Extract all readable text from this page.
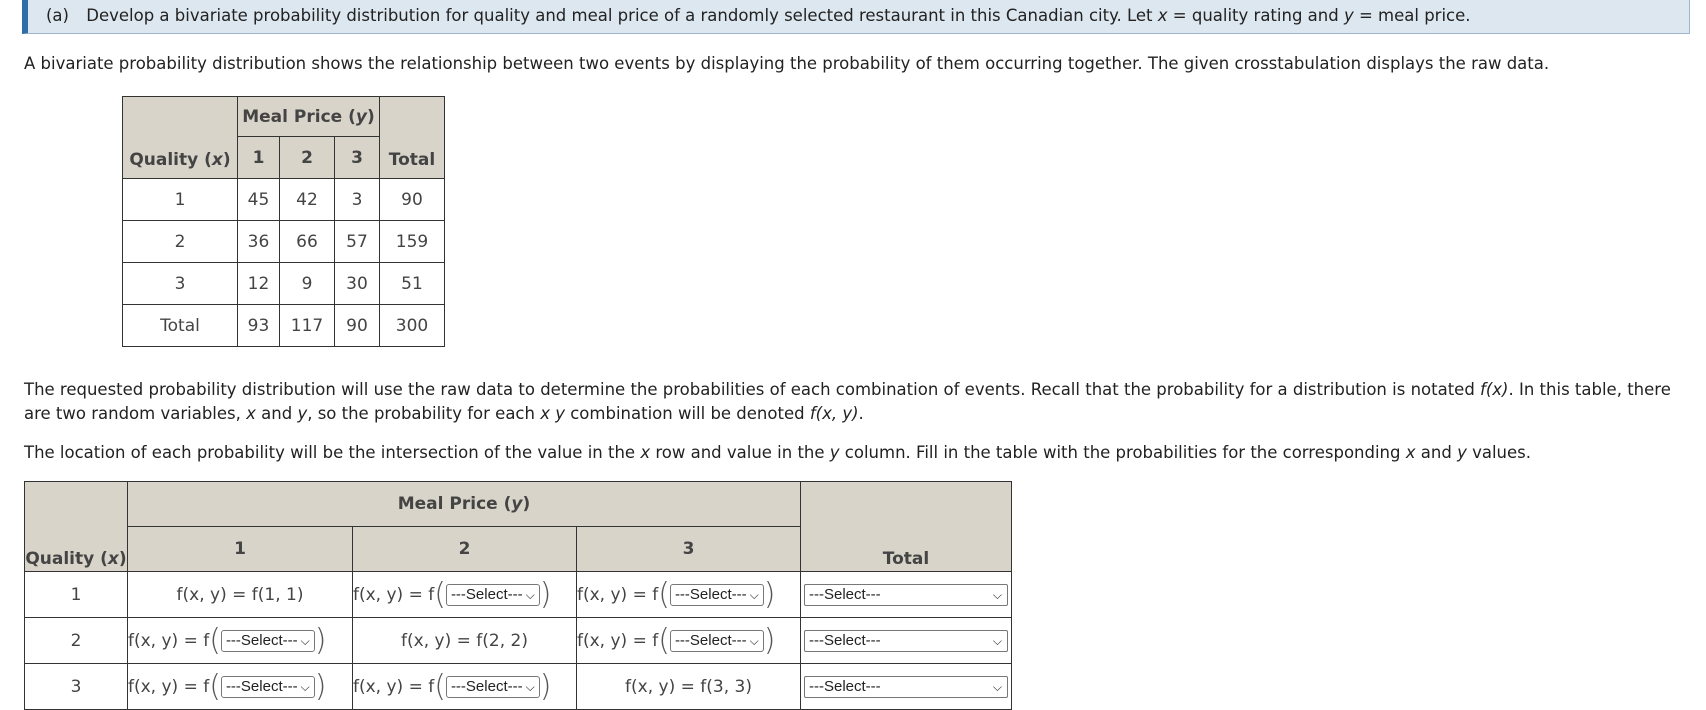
(a) Develop a bivariate probability distribution for quality and meal price of a randomly selected restaurant in this Canadian city. Let x = quality rating and y = meal price.
A bivariate probability distribution shows the relationship between two events by displaying the probability of them occurring together. The given crosstabulation displays the raw data.
Quality (x)	Meal Price (y)			Total
	1	2	3	
1	45	42	3	90
2	36	66	57	159
3	12	9	30	51
Total	93	117	90	300
The requested probability distribution will use the raw data to determine the probabilities of each combination of events. Recall that the probability for a distribution is notated f(x). In this table, there
are two random variables, x and y, so the probability for each x y combination will be denoted f(x, y).
The location of each probability will be the intersection of the value in the x row and value in the y column. Fill in the table with the probabilities for the corresponding x and y values.
Quality (x)	Meal Price (y)			Total
	1	2	3	
1	f(x, y) = f(1, 1)	f(x, y) = f( ---Select--- ⌵ )	f(x, y) = f( ---Select--- ⌵ )	---Select--- ⌵

2	f(x, y) = f( ---Select--- ⌵ )	f(x, y) = f(2, 2)	f(x, y) = f( ---Select--- ⌵ )	---Select--- ⌵

3	f(x, y) = f( ---Select--- ⌵ )	f(x, y) = f( ---Select--- ⌵ )	f(x, y) = f(3, 3)	---Select--- ⌵
